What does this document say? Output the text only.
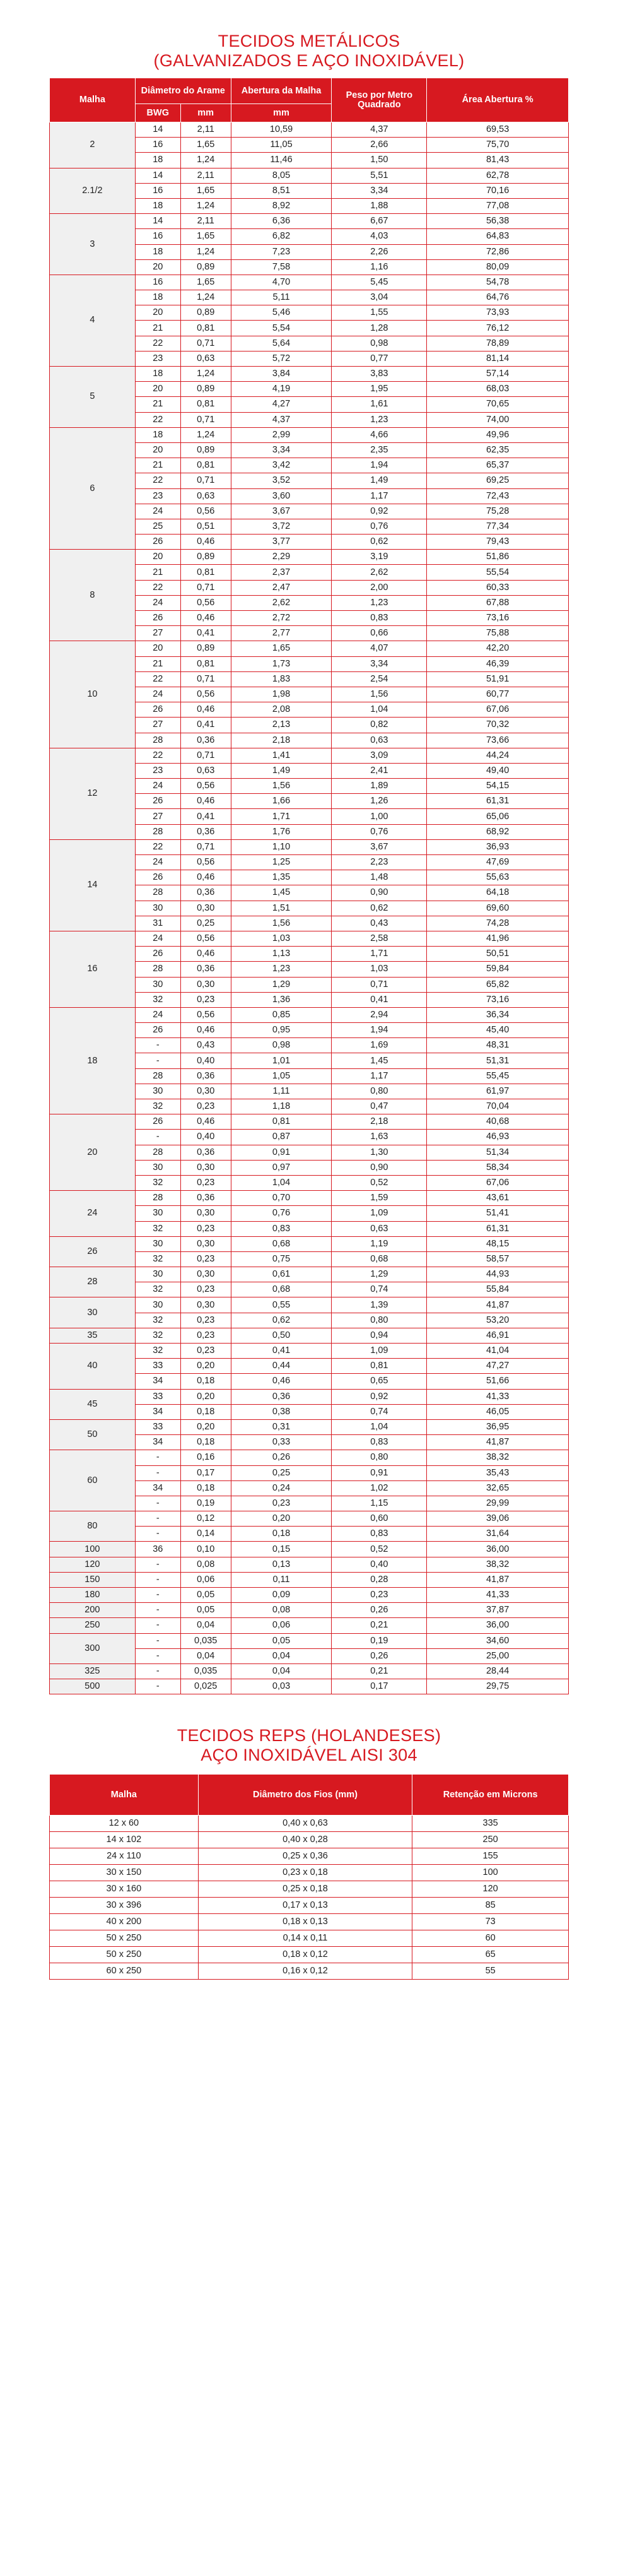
TECIDOS METÁLICOS
(GALVANIZADOS E AÇO INOXIDÁVEL)
Malha	Diâmetro do Arame		Abertura da Malha	Peso por Metro Quadrado	Área Abertura %
	BWG	mm	mm		
2	14	2,11	10,59	4,37	69,53
	16	1,65	11,05	2,66	75,70
	18	1,24	11,46	1,50	81,43
2.1/2	14	2,11	8,05	5,51	62,78
	16	1,65	8,51	3,34	70,16
	18	1,24	8,92	1,88	77,08
3	14	2,11	6,36	6,67	56,38
	16	1,65	6,82	4,03	64,83
	18	1,24	7,23	2,26	72,86
	20	0,89	7,58	1,16	80,09
4	16	1,65	4,70	5,45	54,78
	18	1,24	5,11	3,04	64,76
	20	0,89	5,46	1,55	73,93
	21	0,81	5,54	1,28	76,12
	22	0,71	5,64	0,98	78,89
	23	0,63	5,72	0,77	81,14
5	18	1,24	3,84	3,83	57,14
	20	0,89	4,19	1,95	68,03
	21	0,81	4,27	1,61	70,65
	22	0,71	4,37	1,23	74,00
6	18	1,24	2,99	4,66	49,96
	20	0,89	3,34	2,35	62,35
	21	0,81	3,42	1,94	65,37
	22	0,71	3,52	1,49	69,25
	23	0,63	3,60	1,17	72,43
	24	0,56	3,67	0,92	75,28
	25	0,51	3,72	0,76	77,34
	26	0,46	3,77	0,62	79,43
8	20	0,89	2,29	3,19	51,86
	21	0,81	2,37	2,62	55,54
	22	0,71	2,47	2,00	60,33
	24	0,56	2,62	1,23	67,88
	26	0,46	2,72	0,83	73,16
	27	0,41	2,77	0,66	75,88
10	20	0,89	1,65	4,07	42,20
	21	0,81	1,73	3,34	46,39
	22	0,71	1,83	2,54	51,91
	24	0,56	1,98	1,56	60,77
	26	0,46	2,08	1,04	67,06
	27	0,41	2,13	0,82	70,32
	28	0,36	2,18	0,63	73,66
12	22	0,71	1,41	3,09	44,24
	23	0,63	1,49	2,41	49,40
	24	0,56	1,56	1,89	54,15
	26	0,46	1,66	1,26	61,31
	27	0,41	1,71	1,00	65,06
	28	0,36	1,76	0,76	68,92
14	22	0,71	1,10	3,67	36,93
	24	0,56	1,25	2,23	47,69
	26	0,46	1,35	1,48	55,63
	28	0,36	1,45	0,90	64,18
	30	0,30	1,51	0,62	69,60
	31	0,25	1,56	0,43	74,28
16	24	0,56	1,03	2,58	41,96
	26	0,46	1,13	1,71	50,51
	28	0,36	1,23	1,03	59,84
	30	0,30	1,29	0,71	65,82
	32	0,23	1,36	0,41	73,16
18	24	0,56	0,85	2,94	36,34
	26	0,46	0,95	1,94	45,40
	-	0,43	0,98	1,69	48,31
	-	0,40	1,01	1,45	51,31
	28	0,36	1,05	1,17	55,45
	30	0,30	1,11	0,80	61,97
	32	0,23	1,18	0,47	70,04
20	26	0,46	0,81	2,18	40,68
	-	0,40	0,87	1,63	46,93
	28	0,36	0,91	1,30	51,34
	30	0,30	0,97	0,90	58,34
	32	0,23	1,04	0,52	67,06
24	28	0,36	0,70	1,59	43,61
	30	0,30	0,76	1,09	51,41
	32	0,23	0,83	0,63	61,31
26	30	0,30	0,68	1,19	48,15
	32	0,23	0,75	0,68	58,57
28	30	0,30	0,61	1,29	44,93
	32	0,23	0,68	0,74	55,84
30	30	0,30	0,55	1,39	41,87
	32	0,23	0,62	0,80	53,20
35	32	0,23	0,50	0,94	46,91
40	32	0,23	0,41	1,09	41,04
	33	0,20	0,44	0,81	47,27
	34	0,18	0,46	0,65	51,66
45	33	0,20	0,36	0,92	41,33
	34	0,18	0,38	0,74	46,05
50	33	0,20	0,31	1,04	36,95
	34	0,18	0,33	0,83	41,87
60	-	0,16	0,26	0,80	38,32
	-	0,17	0,25	0,91	35,43
	34	0,18	0,24	1,02	32,65
	-	0,19	0,23	1,15	29,99
80	-	0,12	0,20	0,60	39,06
	-	0,14	0,18	0,83	31,64
100	36	0,10	0,15	0,52	36,00
120	-	0,08	0,13	0,40	38,32
150	-	0,06	0,11	0,28	41,87
180	-	0,05	0,09	0,23	41,33
200	-	0,05	0,08	0,26	37,87
250	-	0,04	0,06	0,21	36,00
300	-	0,035	0,05	0,19	34,60
	-	0,04	0,04	0,26	25,00
325	-	0,035	0,04	0,21	28,44
500	-	0,025	0,03	0,17	29,75
TECIDOS REPS (HOLANDESES)
AÇO INOXIDÁVEL AISI 304
Malha	Diâmetro dos Fios (mm)	Retenção em Microns
12 x 60	0,40 x 0,63	335
14 x 102	0,40 x 0,28	250
24 x 110	0,25 x 0,36	155
30 x 150	0,23 x 0,18	100
30 x 160	0,25 x 0,18	120
30 x 396	0,17 x 0,13	85
40 x 200	0,18 x 0,13	73
50 x 250	0,14 x 0,11	60
50 x 250	0,18 x 0,12	65
60 x 250	0,16 x 0,12	55
